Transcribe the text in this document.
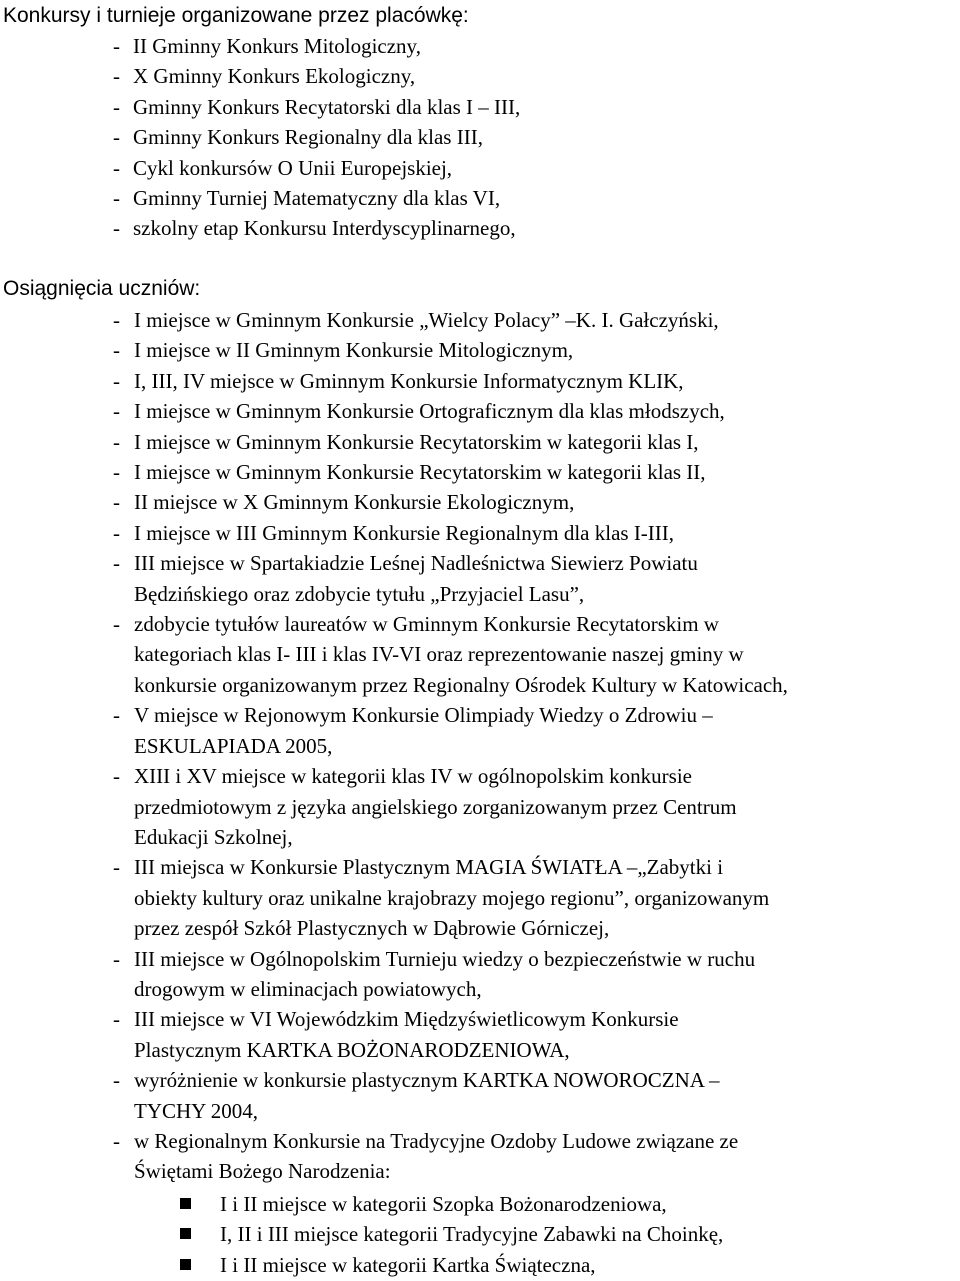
Konkursy i turnieje organizowane przez placówkę:
- II Gminny Konkurs Mitologiczny,
- X Gminny Konkurs Ekologiczny,
- Gminny Konkurs Recytatorski dla klas I – III,
- Gminny Konkurs Regionalny dla klas III,
- Cykl konkursów O Unii Europejskiej,
- Gminny Turniej Matematyczny dla klas VI,
- szkolny etap Konkursu Interdyscyplinarnego,
Osiągnięcia uczniów:
- I miejsce w Gminnym Konkursie „Wielcy Polacy” –K. I. Gałczyński,
- I miejsce w II Gminnym Konkursie Mitologicznym,
- I, III, IV miejsce w Gminnym Konkursie Informatycznym KLIK,
- I miejsce w Gminnym Konkursie Ortograficznym dla klas młodszych,
- I miejsce w Gminnym Konkursie Recytatorskim w kategorii klas I,
- I miejsce w Gminnym Konkursie Recytatorskim w kategorii klas II,
- II miejsce w X Gminnym Konkursie Ekologicznym,
- I miejsce w III Gminnym Konkursie Regionalnym dla klas I-III,
- III miejsce w Spartakiadzie Leśnej Nadleśnictwa Siewierz Powiatu
Będzińskiego oraz zdobycie tytułu „Przyjaciel Lasu”,
- zdobycie tytułów laureatów w Gminnym Konkursie Recytatorskim w
kategoriach klas I- III i klas IV-VI oraz reprezentowanie naszej gminy w
konkursie organizowanym przez Regionalny Ośrodek Kultury w Katowicach,
- V miejsce w Rejonowym Konkursie Olimpiady Wiedzy o Zdrowiu –
ESKULAPIADA 2005,
- XIII i XV miejsce w kategorii klas IV w ogólnopolskim konkursie
przedmiotowym z języka angielskiego zorganizowanym przez Centrum
Edukacji Szkolnej,
- III miejsca w Konkursie Plastycznym MAGIA ŚWIATŁA –„Zabytki i
obiekty kultury oraz unikalne krajobrazy mojego regionu”, organizowanym
przez zespół Szkół Plastycznych w Dąbrowie Górniczej,
- III miejsce w Ogólnopolskim Turnieju wiedzy o bezpieczeństwie w ruchu
drogowym w eliminacjach powiatowych,
- III miejsce w VI Wojewódzkim Międzyświetlicowym Konkursie
Plastycznym KARTKA BOŻONARODZENIOWA,
- wyróżnienie w konkursie plastycznym KARTKA NOWOROCZNA –
TYCHY 2004,
- w Regionalnym Konkursie na Tradycyjne Ozdoby Ludowe związane ze
Świętami Bożego Narodzenia:
I i II miejsce w kategorii Szopka Bożonarodzeniowa,
I, II i III miejsce kategorii Tradycyjne Zabawki na Choinkę,
I i II miejsce w kategorii Kartka Świąteczna,
